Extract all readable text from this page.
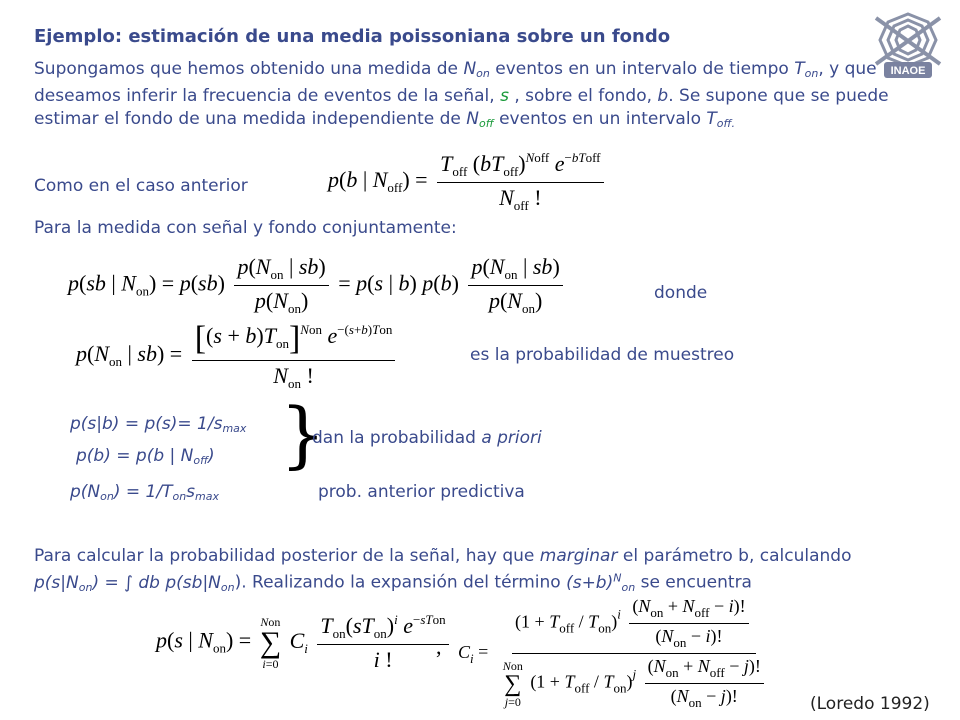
INAOE
Ejemplo: estimación de una media poissoniana sobre un fondo
Supongamos que hemos obtenido una medida de $N_{on}$ eventos en un intervalo de tiempo $T_{on}$, y que deseamos inferir la frecuencia de eventos de la señal, s , sobre el fondo, b. Se supone que se puede estimar el fondo de una medida independiente de $N_{off}$ eventos en un intervalo $T_{off.}$
Como en el caso anterior	p(b | $N_{off}) = \frac{T_{off} (bT_{off})^{Noff} e^{-bToff}}{N_{off} !}$
Para la medida con señal y fondo conjuntamente:
p(sb | $N_{on}) = p(sb) \frac{p(N_{on} | sb)}{p(N_{on})} = p(s$ | b) $p(b) \frac{p(N_{on} | sb)}{p(N_{on})}$	donde
$p(N_{on}$ | $sb) = \frac{[(s + b)T_{on}]^{Non} e^{-(s+b)Ton}}{N_{on} !}$	es la probabilidad de muestreo
$p(s|b) = p(s)= 1/s_{max}$
p(b) = p(b | $N_{off}$) }
dan la probabilidad a priori
$p(N_{on}) = 1/T_{on}s_{max}$	prob. anterior predictiva
Para calcular la probabilidad posterior de la señal, hay que marginar el parámetro b, calculando $p(s|N_{on})$ = ∫ db $p(sb|N_{on})$. Realizando la expansión del término $(s+b)^N_{on}$ se encuentra
p(s | $N_{on}$) =
Non
∑
i=0
$C_i \frac{T_{on}(sT_{on})^i e^{-sTon}}{i !}$
, $C_i$ =
$(1 + T_{off} / T_{on})^i \frac{(N_{on} + N_{off} - i)!}{(N_{on} - i)!}$
Non
∑
j=0
$(1 + T_{off} / T_{on})^j \frac{(N_{on} + N_{off} - j)!}{(N_{on} - j)!}$	(Loredo 1992)
